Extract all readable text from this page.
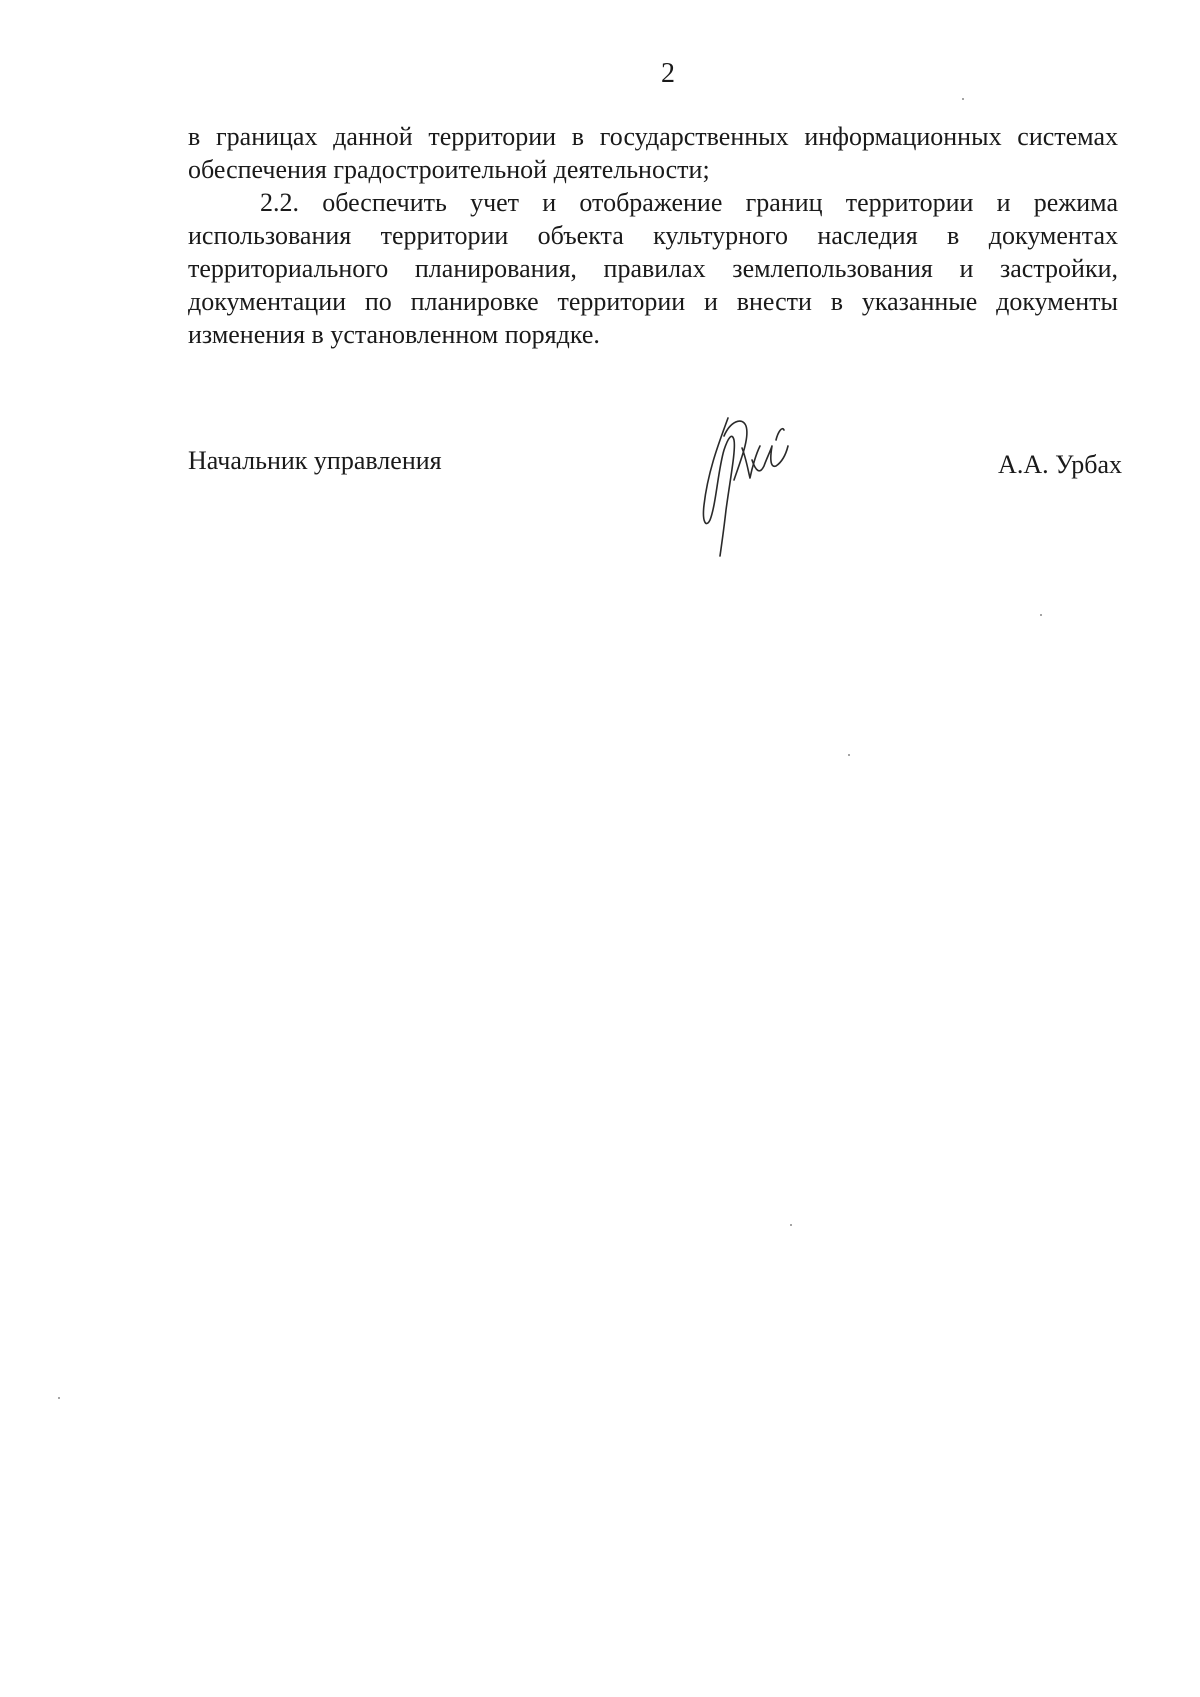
2

в границах данной территории в государственных информационных системах обеспечения градостроительной деятельности;

2.2. обеспечить учет и отображение границ территории и режима использования территории объекта культурного наследия в документах территориального планирования, правилах землепользования и застройки, документации по планировке территории и внести в указанные документы изменения в установленном порядке.

Начальник управления	А.А. Урбах
